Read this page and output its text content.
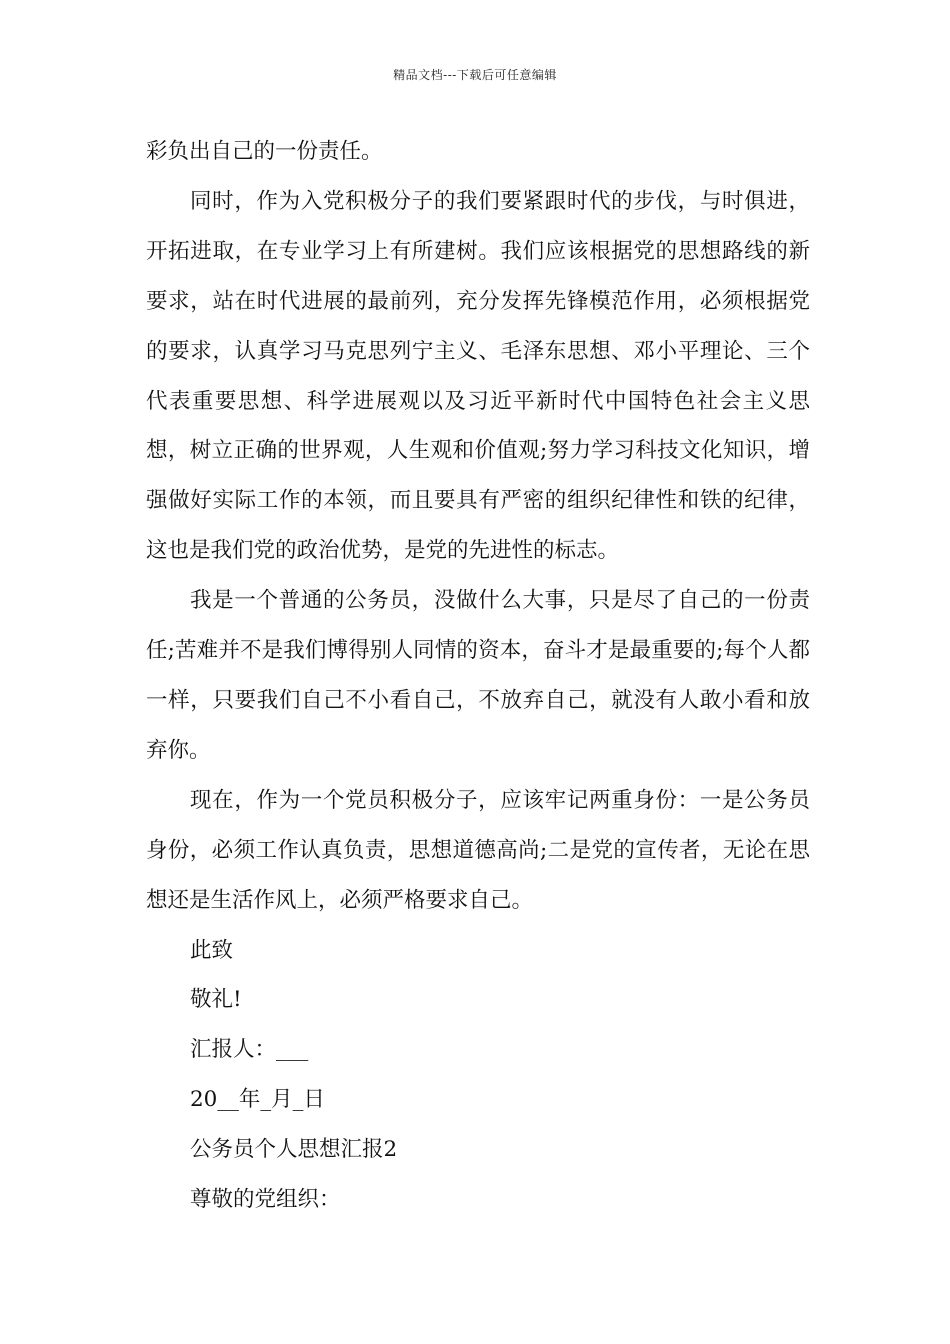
精品文档---下载后可任意编辑

彩负出自己的一份责任。

同时，作为入党积极分子的我们要紧跟时代的步伐，与时俱进，开拓进取，在专业学习上有所建树。我们应该根据党的思想路线的新要求，站在时代进展的最前列，充分发挥先锋模范作用，必须根据党的要求，认真学习马克思列宁主义、毛泽东思想、邓小平理论、三个代表重要思想、科学进展观以及习近平新时代中国特色社会主义思想，树立正确的世界观，人生观和价值观;努力学习科技文化知识，增强做好实际工作的本领，而且要具有严密的组织纪律性和铁的纪律，这也是我们党的政治优势，是党的先进性的标志。

我是一个普通的公务员，没做什么大事，只是尽了自己的一份责任;苦难并不是我们博得别人同情的资本，奋斗才是最重要的;每个人都一样，只要我们自己不小看自己，不放弃自己，就没有人敢小看和放弃你。

现在，作为一个党员积极分子，应该牢记两重身份：一是公务员身份，必须工作认真负责，思想道德高尚;二是党的宣传者，无论在思想还是生活作风上，必须严格要求自己。

此致

敬礼!

汇报人：___

20__年_月_日

公务员个人思想汇报2

尊敬的党组织：
